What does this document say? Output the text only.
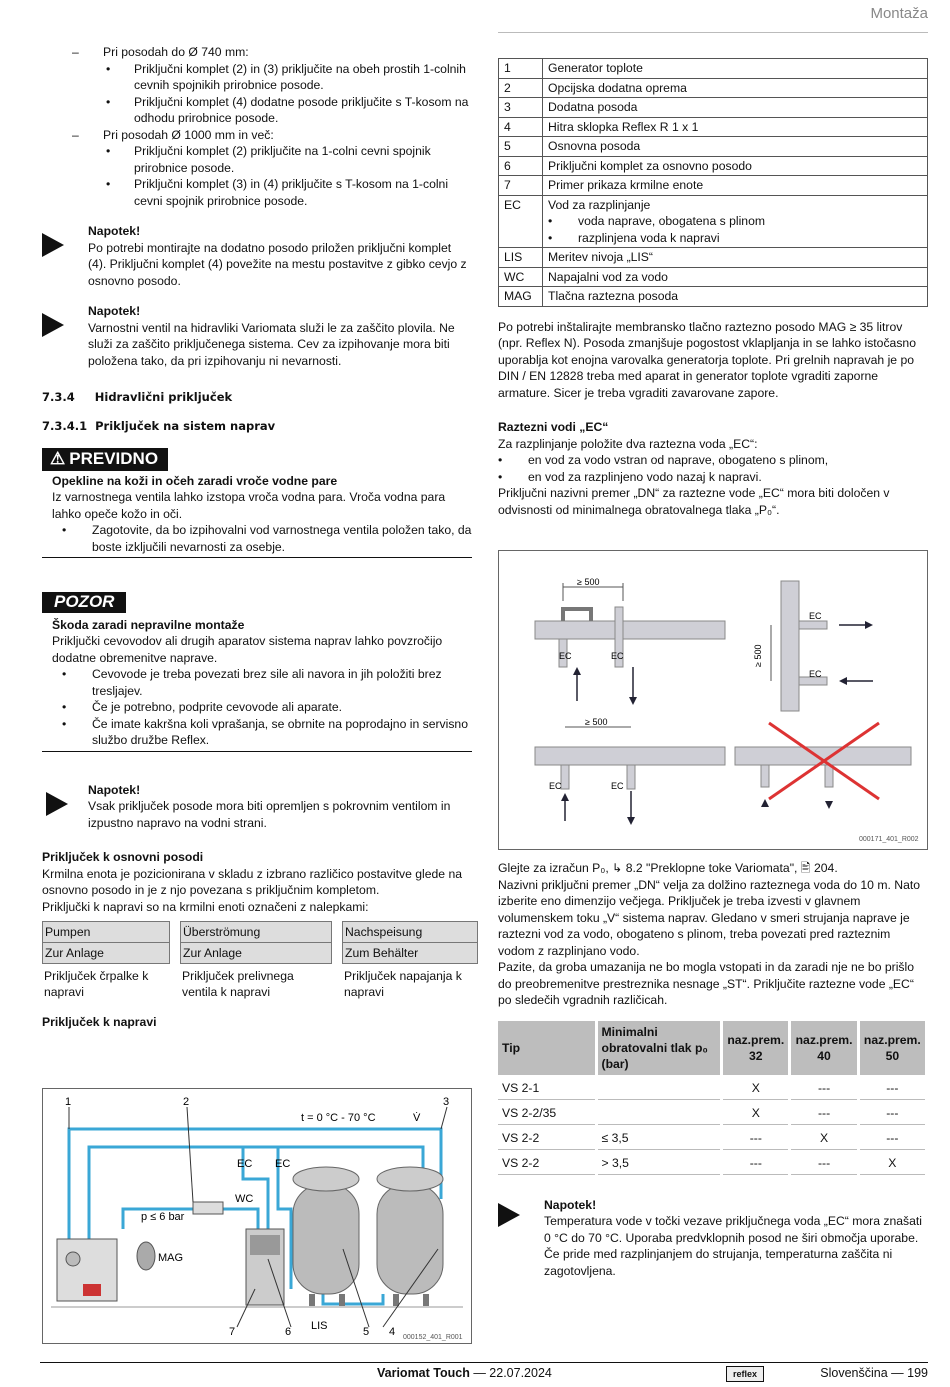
Montaža
– Pri posodah do Ø 740 mm:
• Priključni komplet (2) in (3) priključite na obeh prostih 1-colnih cevnih spojnikih prirobnice posode.
• Priključni komplet (4) dodatne posode priključite s T-kosom na odhodu prirobnice posode.
– Pri posodah Ø 1000 mm in več:
• Priključni komplet (2) priključite na 1-colni cevni spojnik prirobnice posode.
• Priključni komplet (3) in (4) priključite s T-kosom na 1-colni cevni spojnik prirobnice posode.
Napotek!
Po potrebi montirajte na dodatno posodo priložen priključni komplet (4). Priključni komplet (4) povežite na mestu postavitve z gibko cevjo z osnovno posodo.
Napotek!
Varnostni ventil na hidravliki Variomata služi le za zaščito plovila. Ne služi za zaščito priključenega sistema. Cev za izpihovanje mora biti položena tako, da pri izpihovanju ni nevarnosti.
7.3.4 Hidravlični priključek
7.3.4.1 Priključek na sistem naprav
⚠ PREVIDNO
Opekline na koži in očeh zaradi vroče vodne pare
Iz varnostnega ventila lahko izstopa vroča vodna para. Vroča vodna para lahko opeče kožo in oči.
• Zagotovite, da bo izpihovalni vod varnostnega ventila položen tako, da boste izključili nevarnosti za osebje.
POZOR
Škoda zaradi nepravilne montaže
Priključki cevovodov ali drugih aparatov sistema naprav lahko povzročijo dodatne obremenitve naprave.
• Cevovode je treba povezati brez sile ali navora in jih položiti brez tresljajev.
• Če je potrebno, podprite cevovode ali aparate.
• Če imate kakršna koli vprašanja, se obrnite na poprodajno in servisno službo družbe Reflex.
Napotek!
Vsak priključek posode mora biti opremljen s pokrovnim ventilom in izpustno napravo na vodni strani.
Priključek k osnovni posodi
Krmilna enota je pozicionirana v skladu z izbrano različico postavitve glede na osnovno posodo in je z njo povezana s priključnim kompletom.
Priključki k napravi so na krmilni enoti označeni z nalepkami:
Pumpen
Zur Anlage
Priključek črpalke k napravi
Überströmung
Zur Anlage
Priključek prelivnega ventila k napravi
Nachspeisung
Zum Behälter
Priključek napajanja k napravi
Priključek k napravi
1	2	3
4
5
6
7
t = 0 °C - 70 °C	V̇
EC EC
WC
p ≤ 6 bar
MAG
LIS
000152_401_R001
1	Generator toplote
2	Opcijska dodatna oprema
3	Dodatna posoda
4	Hitra sklopka Reflex R 1 x 1
5	Osnovna posoda
6	Priključni komplet za osnovno posodo
7	Primer prikaza krmilne enote
EC	Vod za razplinjanje
• voda naprave, obogatena s plinom
• razplinjena voda k napravi

LIS	Meritev nivoja „LIS“
WC	Napajalni vod za vodo
MAG	Tlačna raztezna posoda
Po potrebi inštalirajte membransko tlačno raztezno posodo MAG ≥ 35 litrov (npr. Reflex N). Posoda zmanjšuje pogostost vklapljanja in se lahko istočasno uporablja kot enojna varovalka generatorja toplote. Pri grelnih napravah je po DIN / EN 12828 treba med aparat in generator toplote vgraditi zaporne armature. Sicer je treba vgraditi zavarovane zapore.
Raztezni vodi „EC“
Za razplinjanje položite dva raztezna voda „EC“:
• en vod za vodo vstran od naprave, obogateno s plinom,
• en vod za razplinjeno vodo nazaj k napravi.
Priključni nazivni premer „DN“ za raztezne vode „EC“ mora biti določen v odvisnosti od minimalnega obratovalnega tlaka „P₀“.
≥ 500
EC	EC	≥ 500
EC
EC
≥ 500
EC	EC
000171_401_R002
Glejte za izračun P₀, ↳ 8.2 "Preklopne toke Variomata", 🖹 204.
Nazivni priključni premer „DN“ velja za dolžino razteznega voda do 10 m. Nato izberite eno dimenzijo večjega. Priključek je treba izvesti v glavnem volumenskem toku „V“ sistema naprav. Gledano v smeri strujanja naprave je raztezni vod za vodo, obogateno s plinom, treba povezati pred razteznim vodom z razplinjano vodo.
Pazite, da groba umazanija ne bo mogla vstopati in da zaradi nje ne bo prišlo do preobremenitve prestreznika nesnage „ST“. Priključite raztezne vode „EC“ po sledečih vgradnih različicah.
Tip	Minimalni obratovalni tlak p₀ (bar)	naz.prem. 32	naz.prem. 40	naz.prem. 50
VS 2-1		X	---	---
VS 2-2/35		X	---	---
VS 2-2	≤ 3,5	---	X	---
VS 2-2	> 3,5	---	---	X
Napotek!
Temperatura vode v točki vezave priključnega voda „EC“ mora znašati 0 °C do 70 °C. Uporaba predvklopnih posod ne širi območja uporabe. Če pride med razplinjanjem do strujanja, temperaturna zaščita ni zagotovljena.
Variomat Touch — 22.07.2024	reflex	Slovenščina — 199
